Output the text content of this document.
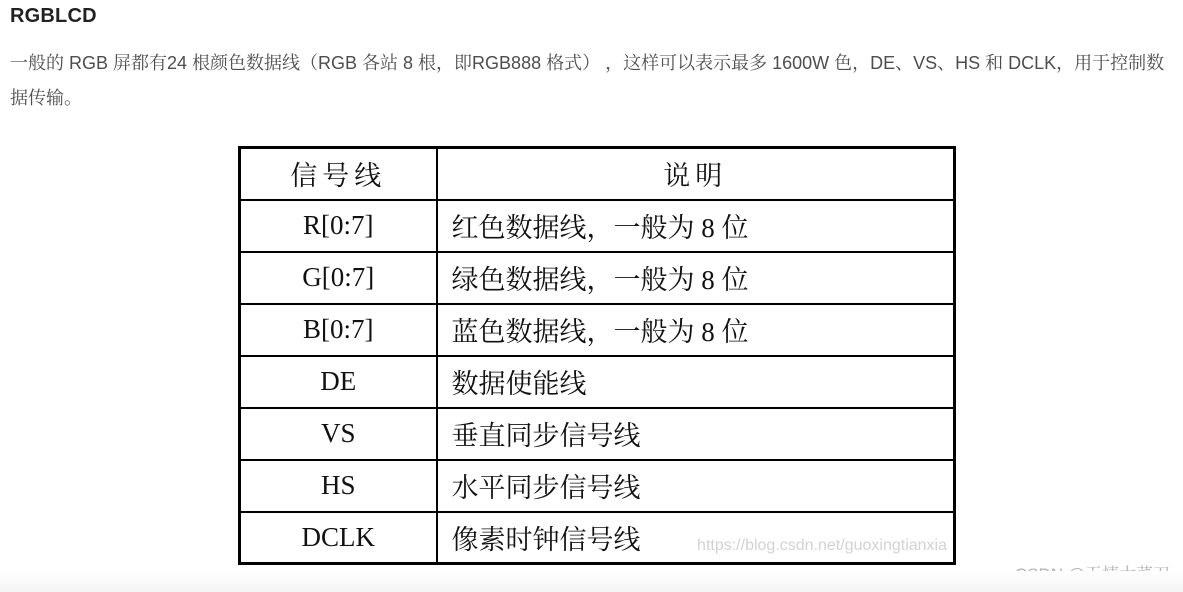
RGBLCD
一般的 RGB 屏都有24 根颜色数据线（RGB 各站 8 根，即RGB888 格式） ，这样可以表示最多 1600W 色，DE、VS、HS 和 DCLK，用于控制数据传输。
https://blog.csdn.net/guoxingtianxia
信号线	说明
R[0:7]	红色数据线，一般为 8 位
G[0:7]	绿色数据线，一般为 8 位
B[0:7]	蓝色数据线，一般为 8 位
DE	数据使能线
VS	垂直同步信号线
HS	水平同步信号线
DCLK	像素时钟信号线
